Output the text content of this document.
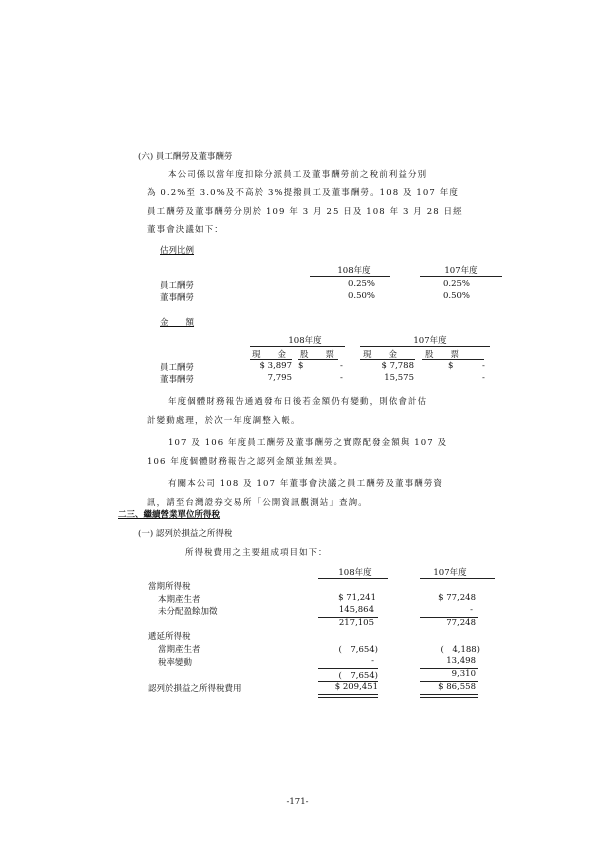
(六) 員工酬勞及董事酬勞
本公司係以當年度扣除分派員工及董事酬勞前之稅前利益分別
為 0.2%至 3.0%及不高於 3%提撥員工及董事酬勞。108 及 107 年度
員工酬勞及董事酬勞分別於 109 年 3 月 25 日及 108 年 3 月 28 日經
董事會決議如下：
估列比例
108年度	107年度
員工酬勞	0.25%	0.25%
董事酬勞	0.50%	0.50%
金　　額
108年度	107年度
現　　金 股　　票	現　　金	股　　票
員工酬勞	$ 3,897 $	-	$ 7,788	$	-
董事酬勞	7,795	-	15,575	-
年度個體財務報告通過發布日後若金額仍有變動，則依會計估
計變動處理，於次一年度調整入帳。
107 及 106 年度員工酬勞及董事酬勞之實際配發金額與 107 及
106 年度個體財務報告之認列金額並無差異。
有關本公司 108 及 107 年董事會決議之員工酬勞及董事酬勞資
訊，請至台灣證券交易所「公開資訊觀測站」查詢。
二三、繼續營業單位所得稅
(一) 認列於損益之所得稅
所得稅費用之主要組成項目如下：
108年度	107年度
當期所得稅
本期產生者	$ 71,241	$ 77,248
未分配盈餘加徵	145,864	-
217,105	77,248
遞延所得稅
當期產生者	(　7,654)	(　4,188)
稅率變動	-	13,498
(　7,654)	9,310
認列於損益之所得稅費用	$ 209,451	$ 86,558
-171-
